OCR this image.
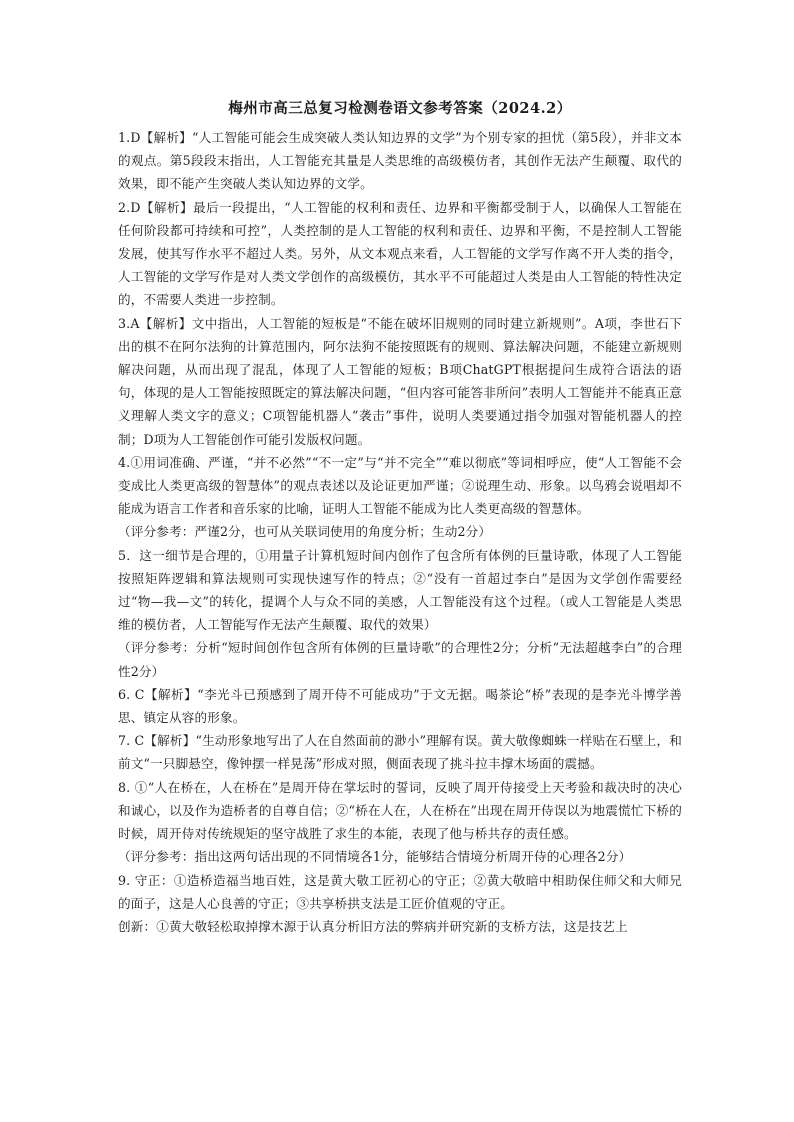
梅州市高三总复习检测卷语文参考答案（2024.2）

1.D【解析】“人工智能可能会生成突破人类认知边界的文学”为个别专家的担忧（第5段），并非文本的观点。第5段段末指出，人工智能充其量是人类思维的高级模仿者，其创作无法产生颠覆、取代的效果，即不能产生突破人类认知边界的文学。

2.D【解析】最后一段提出，“人工智能的权利和责任、边界和平衡都受制于人，以确保人工智能在任何阶段都可持续和可控”，人类控制的是人工智能的权利和责任、边界和平衡，不是控制人工智能发展，使其写作水平不超过人类。另外，从文本观点来看，人工智能的文学写作离不开人类的指令，人工智能的文学写作是对人类文学创作的高级模仿，其水平不可能超过人类是由人工智能的特性决定的，不需要人类进一步控制。

3.A【解析】文中指出，人工智能的短板是“不能在破坏旧规则的同时建立新规则”。A项，李世石下出的棋不在阿尔法狗的计算范围内，阿尔法狗不能按照既有的规则、算法解决问题，不能建立新规则解决问题，从而出现了混乱，体现了人工智能的短板；B项ChatGPT根据提问生成符合语法的语句，体现的是人工智能按照既定的算法解决问题，“但内容可能答非所问”表明人工智能并不能真正意义理解人类文字的意义；C项智能机器人“袭击”事件，说明人类要通过指令加强对智能机器人的控制；D项为人工智能创作可能引发版权问题。

4.①用词准确、严谨，“并不必然”“不一定”与“并不完全”“难以彻底”等词相呼应，使“人工智能不会变成比人类更高级的智慧体”的观点表述以及论证更加严谨；②说理生动、形象。以鸟鸦会说唱却不能成为语言工作者和音乐家的比喻，证明人工智能不能成为比人类更高级的智慧体。

（评分参考：严谨2分，也可从关联词使用的角度分析；生动2分）

5．这一细节是合理的，①用量子计算机短时间内创作了包含所有体例的巨量诗歌，体现了人工智能按照矩阵逻辑和算法规则可实现快速写作的特点；②“没有一首超过李白”是因为文学创作需要经过“物—我—文”的转化，提调个人与众不同的美感，人工智能没有这个过程。（或人工智能是人类思维的模仿者，人工智能写作无法产生颠覆、取代的效果）

（评分参考：分析“短时间创作包含所有体例的巨量诗歌”的合理性2分；分析“无法超越李白”的合理性2分）

6. C【解析】“李光斗已预感到了周开侍不可能成功”于文无据。喝茶论“桥”表现的是李光斗博学善思、镇定从容的形象。

7. C【解析】“生动形象地写出了人在自然面前的渺小”理解有误。黄大敬像蜘蛛一样贴在石壁上，和前文“一只脚悬空，像钟摆一样晃荡”形成对照，侧面表现了挑斗拉丰撑木场面的震撼。

8. ①“人在桥在，人在桥在”是周开侍在掌坛时的誓词，反映了周开侍接受上天考验和裁决时的决心和诚心，以及作为造桥者的自尊自信；②“桥在人在，人在桥在”出现在周开侍误以为地震慌忙下桥的时候，周开侍对传统规矩的坚守战胜了求生的本能，表现了他与桥共存的责任感。

（评分参考：指出这两句话出现的不同情境各1分，能够结合情境分析周开侍的心理各2分）

9. 守正：①造桥造福当地百姓，这是黄大敬工匠初心的守正；②黄大敬暗中相助保住师父和大师兄的面子，这是人心良善的守正；③共享桥拱支法是工匠价值观的守正。

创新：①黄大敬轻松取掉撑木源于认真分析旧方法的弊病并研究新的支桥方法，这是技艺上
